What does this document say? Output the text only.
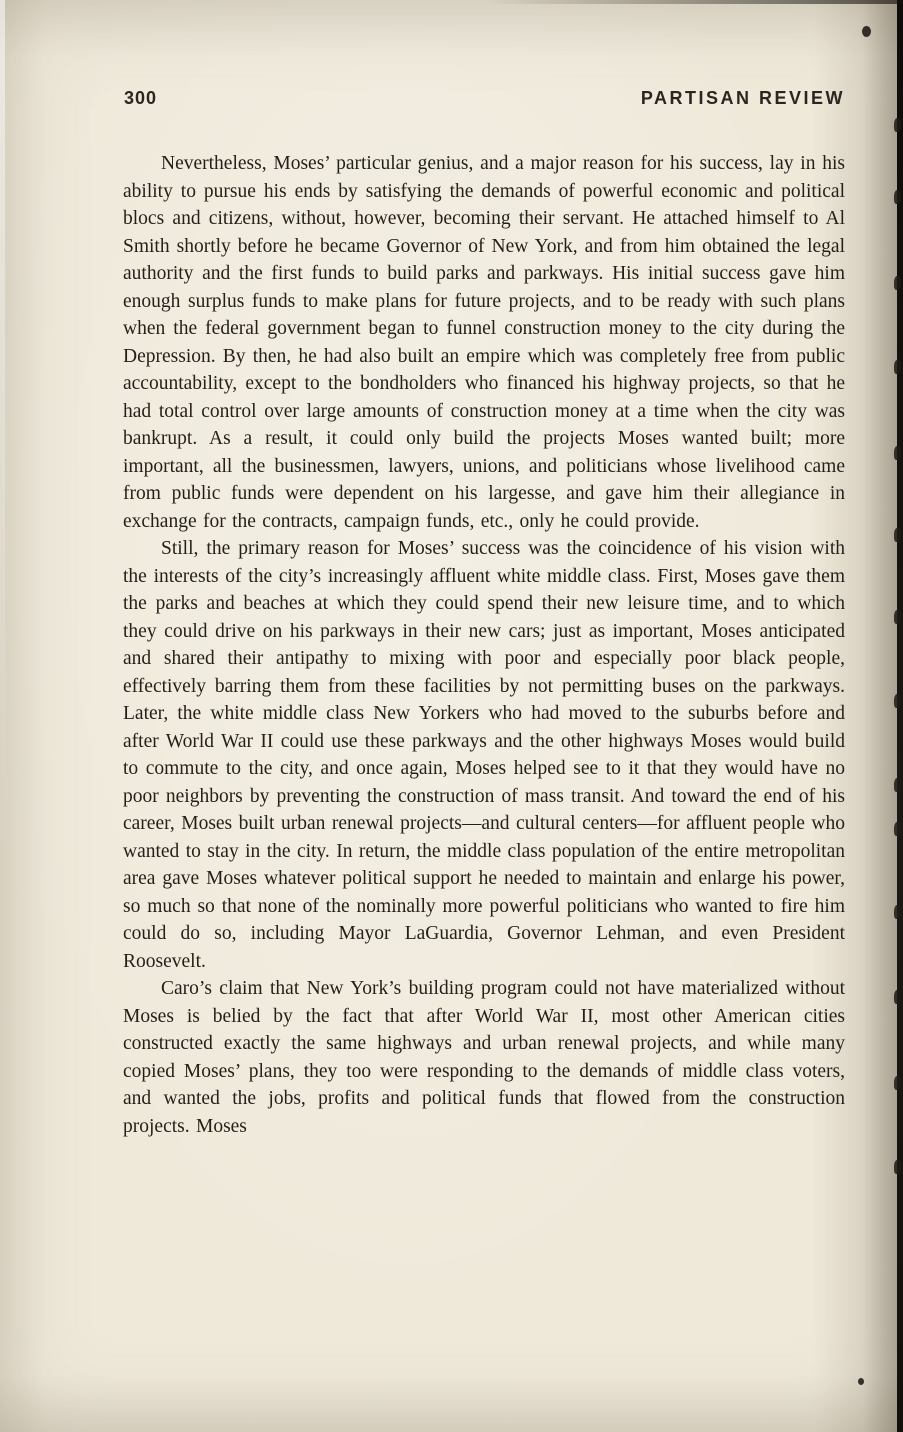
300	PARTISAN REVIEW

Nevertheless, Moses’ particular genius, and a major reason for his success, lay in his ability to pursue his ends by satisfying the demands of powerful economic and political blocs and citizens, without, however, becoming their servant. He attached himself to Al Smith shortly before he became Governor of New York, and from him obtained the legal authority and the first funds to build parks and parkways. His initial success gave him enough surplus funds to make plans for future projects, and to be ready with such plans when the federal government began to funnel construction money to the city during the Depression. By then, he had also built an empire which was completely free from public accountability, except to the bondholders who financed his highway projects, so that he had total control over large amounts of construction money at a time when the city was bankrupt. As a result, it could only build the projects Moses wanted built; more important, all the businessmen, lawyers, unions, and politicians whose livelihood came from public funds were dependent on his largesse, and gave him their allegiance in exchange for the contracts, campaign funds, etc., only he could provide.

Still, the primary reason for Moses’ success was the coincidence of his vision with the interests of the city’s increasingly affluent white middle class. First, Moses gave them the parks and beaches at which they could spend their new leisure time, and to which they could drive on his parkways in their new cars; just as important, Moses anticipated and shared their antipathy to mixing with poor and especially poor black people, effectively barring them from these facilities by not permitting buses on the parkways. Later, the white middle class New Yorkers who had moved to the suburbs before and after World War II could use these parkways and the other highways Moses would build to commute to the city, and once again, Moses helped see to it that they would have no poor neighbors by preventing the construction of mass transit. And toward the end of his career, Moses built urban renewal projects—and cultural centers—for affluent people who wanted to stay in the city. In return, the middle class population of the entire metropolitan area gave Moses whatever political support he needed to maintain and enlarge his power, so much so that none of the nominally more powerful politicians who wanted to fire him could do so, including Mayor LaGuardia, Governor Lehman, and even President Roosevelt.

Caro’s claim that New York’s building program could not have materialized without Moses is belied by the fact that after World War II, most other American cities constructed exactly the same highways and urban renewal projects, and while many copied Moses’ plans, they too were responding to the demands of middle class voters, and wanted the jobs, profits and political funds that flowed from the construction projects. Moses
